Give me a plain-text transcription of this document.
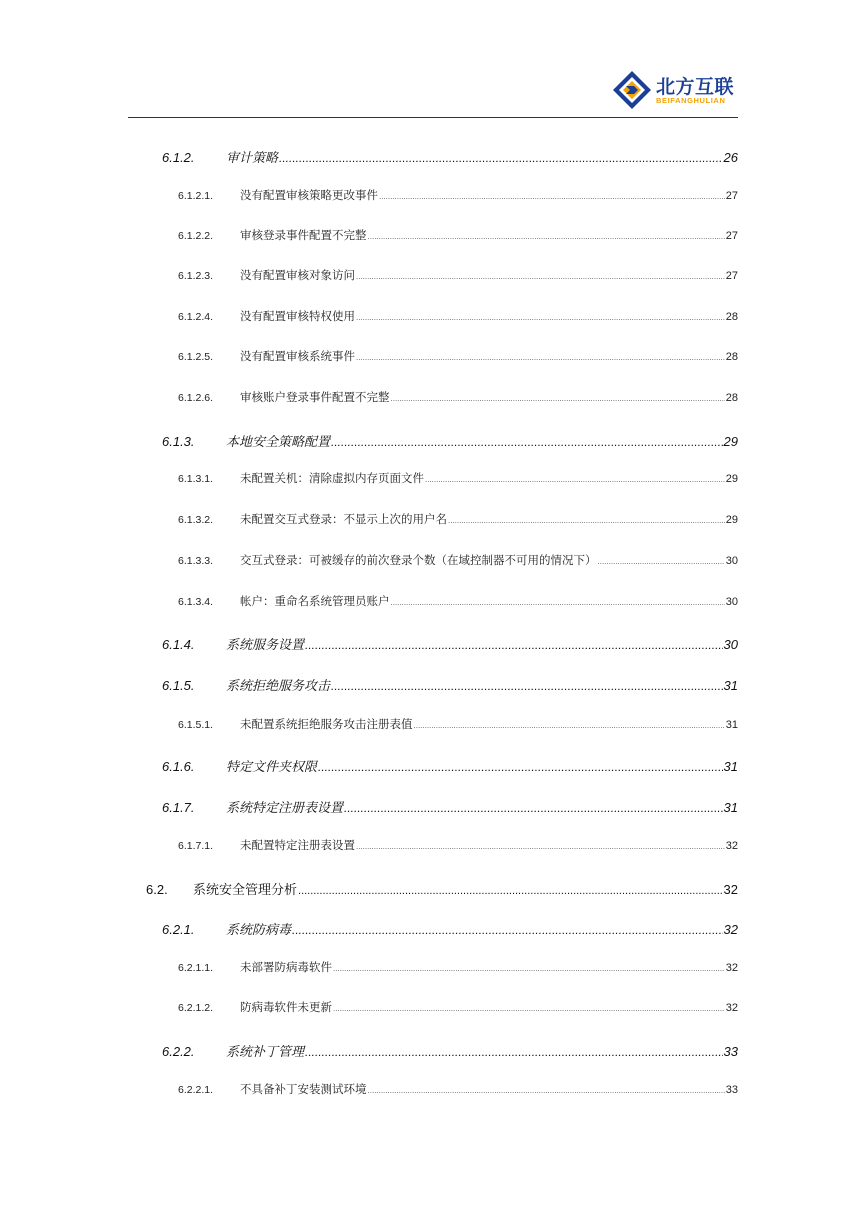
北方互联
BEIFANGHULIAN
6.1.2.	审计策略 .....	26
6.1.2.1.	没有配置审核策略更改事件 .....	27
6.1.2.2.	审核登录事件配置不完整 .....	27
6.1.2.3.	没有配置审核对象访问 .....	27
6.1.2.4.	没有配置审核特权使用 .....	28
6.1.2.5.	没有配置审核系统事件 .....	28
6.1.2.6.	审核账户登录事件配置不完整 .....	28
6.1.3.	本地安全策略配置 .....	29
6.1.3.1.	未配置关机：清除虚拟内存页面文件 .....	29
6.1.3.2.	未配置交互式登录：不显示上次的用户名 .....	29
6.1.3.3.	交互式登录：可被缓存的前次登录个数（在域控制器不可用的情况下） .....	30
6.1.3.4.	帐户：重命名系统管理员账户 .....	30
6.1.4.	系统服务设置 .....	30
6.1.5.	系统拒绝服务攻击 .....	31
6.1.5.1.	未配置系统拒绝服务攻击注册表值 .....	31
6.1.6.	特定文件夹权限 .....	31
6.1.7.	系统特定注册表设置 .....	31
6.1.7.1.	未配置特定注册表设置 .....	32
6.2.	系统安全管理分析 .....	32
6.2.1.	系统防病毒 .....	32
6.2.1.1.	未部署防病毒软件 .....	32
6.2.1.2.	防病毒软件未更新 .....	32
6.2.2.	系统补丁管理 .....	33
6.2.2.1.	不具备补丁安装测试环境 .....	33
